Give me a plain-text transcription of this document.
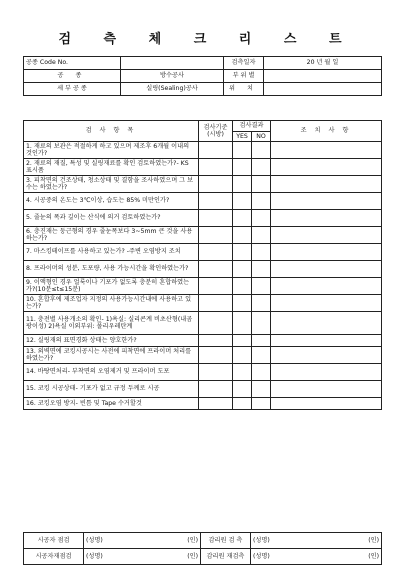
검 측 체 크 리 스 트
공종 Code No.		검측일자	20 년 월 일
공 종	방수공사	부 위 별	
세 부 공 종	실링(Sealing)공사	위 치	
검 사 항 목	검사기준
(시방)	검사결과		조 치 사 항
		YES	NO	
1. 재료의 보관은 적절하게 하고 있으며 제조후 6개월 이내의 것인가?				
2. 재료의 재질, 특성 및 실링재료를 확인 검토하였는가?- KS 표시품				
3. 피착면의 건조상태, 청소상태 및 결함을 조사하였으며 그 보수는 하였는가?				
4. 시공중의 온도는 3℃이상, 습도는 85% 미만인가?				
5. 줄눈의 폭과 깊이는 산식에 의거 검토하였는가?				
6. 충진재는 둥근형의 경우 줄눈폭보다 3~5mm 큰 것을 사용하는가?				
7. 마스킹테이프를 사용하고 있는가? -주변 오염방지 조치				
8. 프라이머의 성분, 도포량, 사용 가능시간을 확인하였는가?				
9. 이액형인 경우 얼룩이나 기포가 없도록 충분히 혼합하였는가?(10분≤t≤15분)				
10. 혼합후에 제조업자 지정의 사용가능시간내에 사용하고 있는가?				
11. 충전별 사용개소의 확인- 1)욕실: 실리콘계 비초산형(내곰팡이성) 2)욕실 이외부위: 폴리우레탄계				
12. 실링재의 표면경화 상태는 양호한가?				
13. 외벽면에 코킹시공시는 사전에 피착면에 프라이머 처리를 하였는가?				
14. 바탕면처리- 부착면의 오염제거 및 프라이머 도포				
15. 코킹 시공상태- 기포가 없고 규정 두께로 시공				
16. 코킹오염 방지- 빈틈 및 Tape 수거할것				
시공자 점검	(성명) (인)	감리원 검 측	(성명) (인)

시공자재점검	(성명) (인)	감리원 재검측	(성명) (인)
